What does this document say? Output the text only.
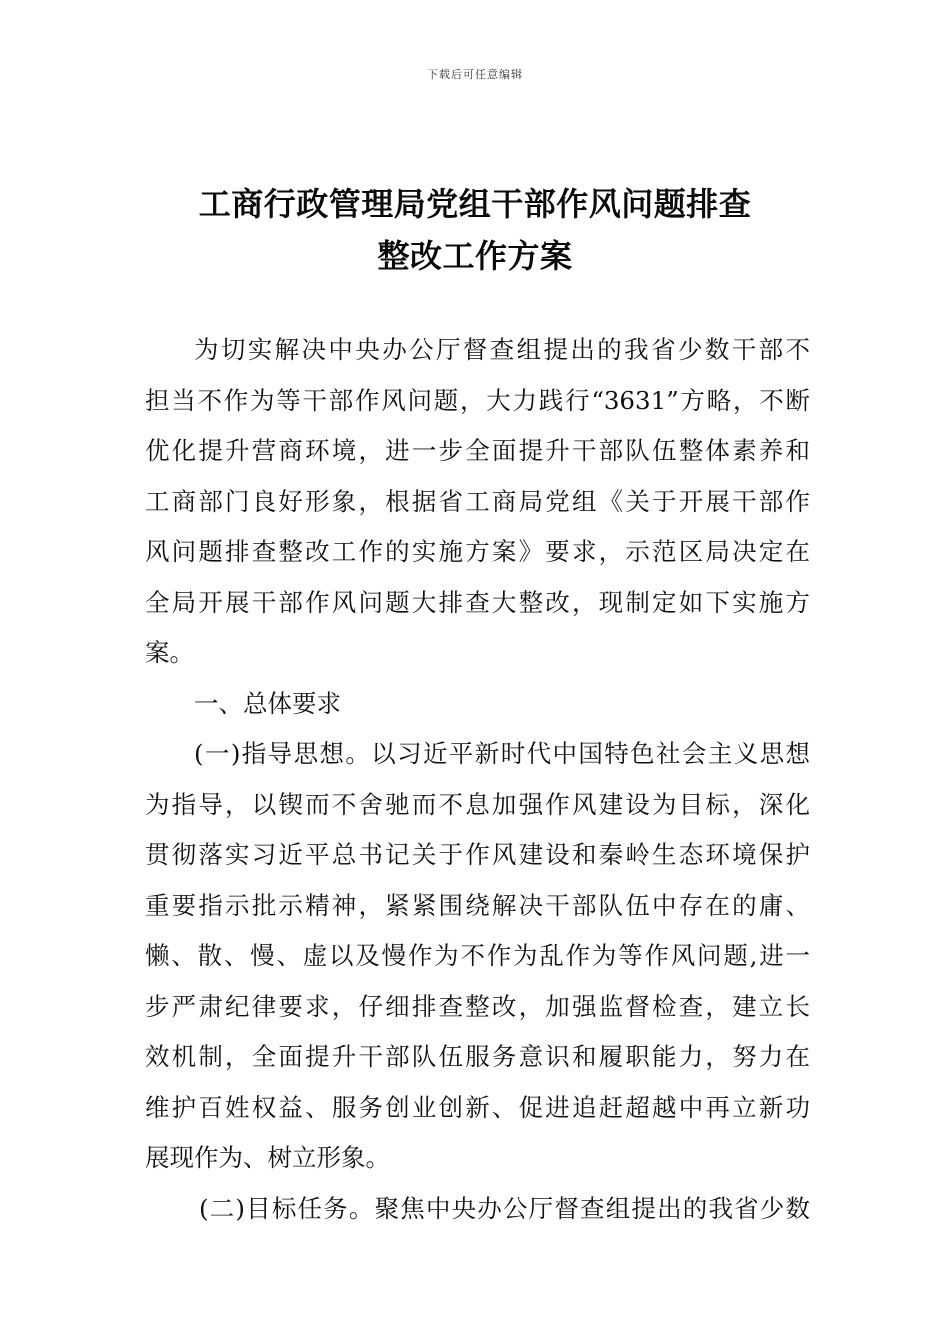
下载后可任意编辑
工商行政管理局党组干部作风问题排查
整改工作方案
为切实解决中央办公厅督查组提出的我省少数干部不
担当不作为等干部作风问题，大力践行“3631”方略，不断
优化提升营商环境，进一步全面提升干部队伍整体素养和
工商部门良好形象，根据省工商局党组《关于开展干部作
风问题排查整改工作的实施方案》要求，示范区局决定在
全局开展干部作风问题大排查大整改，现制定如下实施方
案。
一、总体要求
(一)指导思想。以习近平新时代中国特色社会主义思想
为指导，以锲而不舍驰而不息加强作风建设为目标，深化
贯彻落实习近平总书记关于作风建设和秦岭生态环境保护
重要指示批示精神，紧紧围绕解决干部队伍中存在的庸、
懒、散、慢、虚以及慢作为不作为乱作为等作风问题,进一
步严肃纪律要求，仔细排查整改，加强监督检查，建立长
效机制，全面提升干部队伍服务意识和履职能力，努力在
维护百姓权益、服务创业创新、促进追赶超越中再立新功
展现作为、树立形象。
(二)目标任务。聚焦中央办公厅督查组提出的我省少数
